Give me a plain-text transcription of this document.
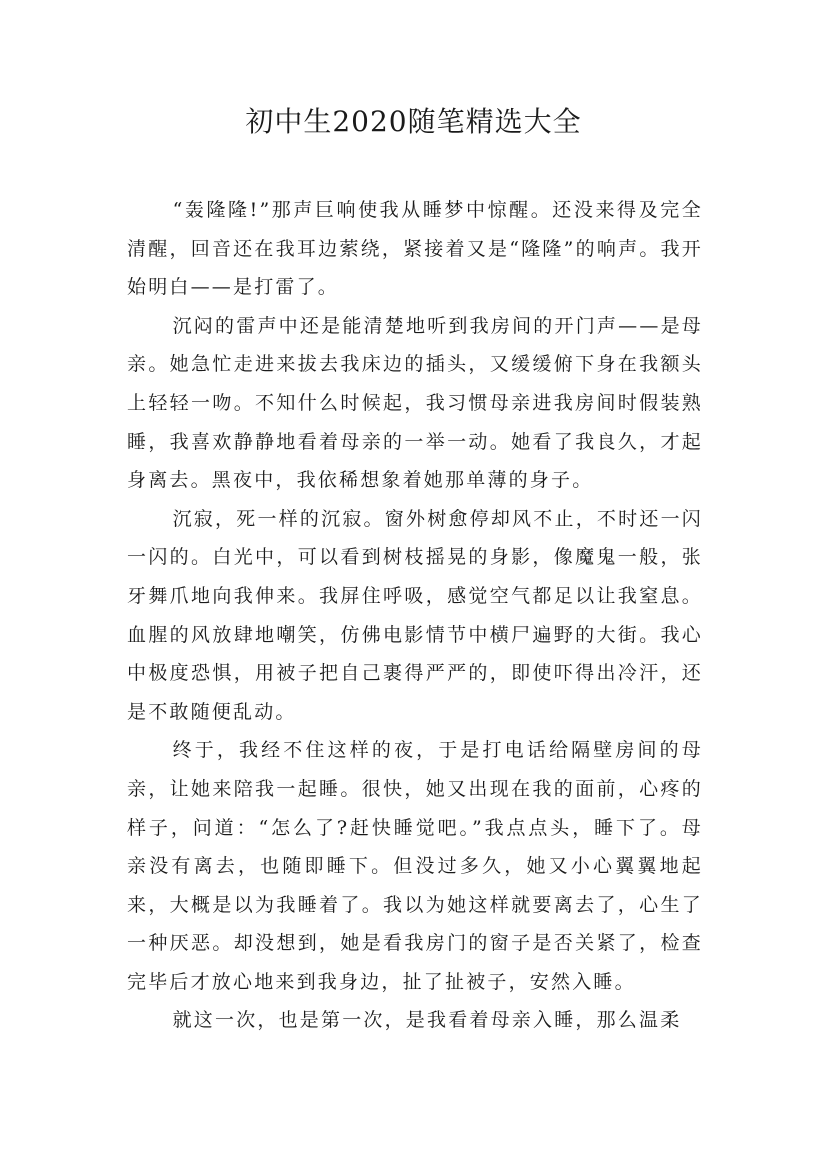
初中生2020随笔精选大全

“轰隆隆!”那声巨响使我从睡梦中惊醒。还没来得及完全清醒，回音还在我耳边萦绕，紧接着又是“隆隆”的响声。我开始明白——是打雷了。

沉闷的雷声中还是能清楚地听到我房间的开门声——是母亲。她急忙走进来拔去我床边的插头，又缓缓俯下身在我额头上轻轻一吻。不知什么时候起，我习惯母亲进我房间时假装熟睡，我喜欢静静地看着母亲的一举一动。她看了我良久，才起身离去。黑夜中，我依稀想象着她那单薄的身子。

沉寂，死一样的沉寂。窗外树愈停却风不止，不时还一闪一闪的。白光中，可以看到树枝摇晃的身影，像魔鬼一般，张牙舞爪地向我伸来。我屏住呼吸，感觉空气都足以让我窒息。血腥的风放肆地嘲笑，仿佛电影情节中横尸遍野的大街。我心中极度恐惧，用被子把自己裹得严严的，即使吓得出冷汗，还是不敢随便乱动。

终于，我经不住这样的夜，于是打电话给隔壁房间的母亲，让她来陪我一起睡。很快，她又出现在我的面前，心疼的样子，问道：“怎么了?赶快睡觉吧。”我点点头，睡下了。母亲没有离去，也随即睡下。但没过多久，她又小心翼翼地起来，大概是以为我睡着了。我以为她这样就要离去了，心生了一种厌恶。却没想到，她是看我房门的窗子是否关紧了，检查完毕后才放心地来到我身边，扯了扯被子，安然入睡。

就这一次，也是第一次，是我看着母亲入睡，那么温柔
